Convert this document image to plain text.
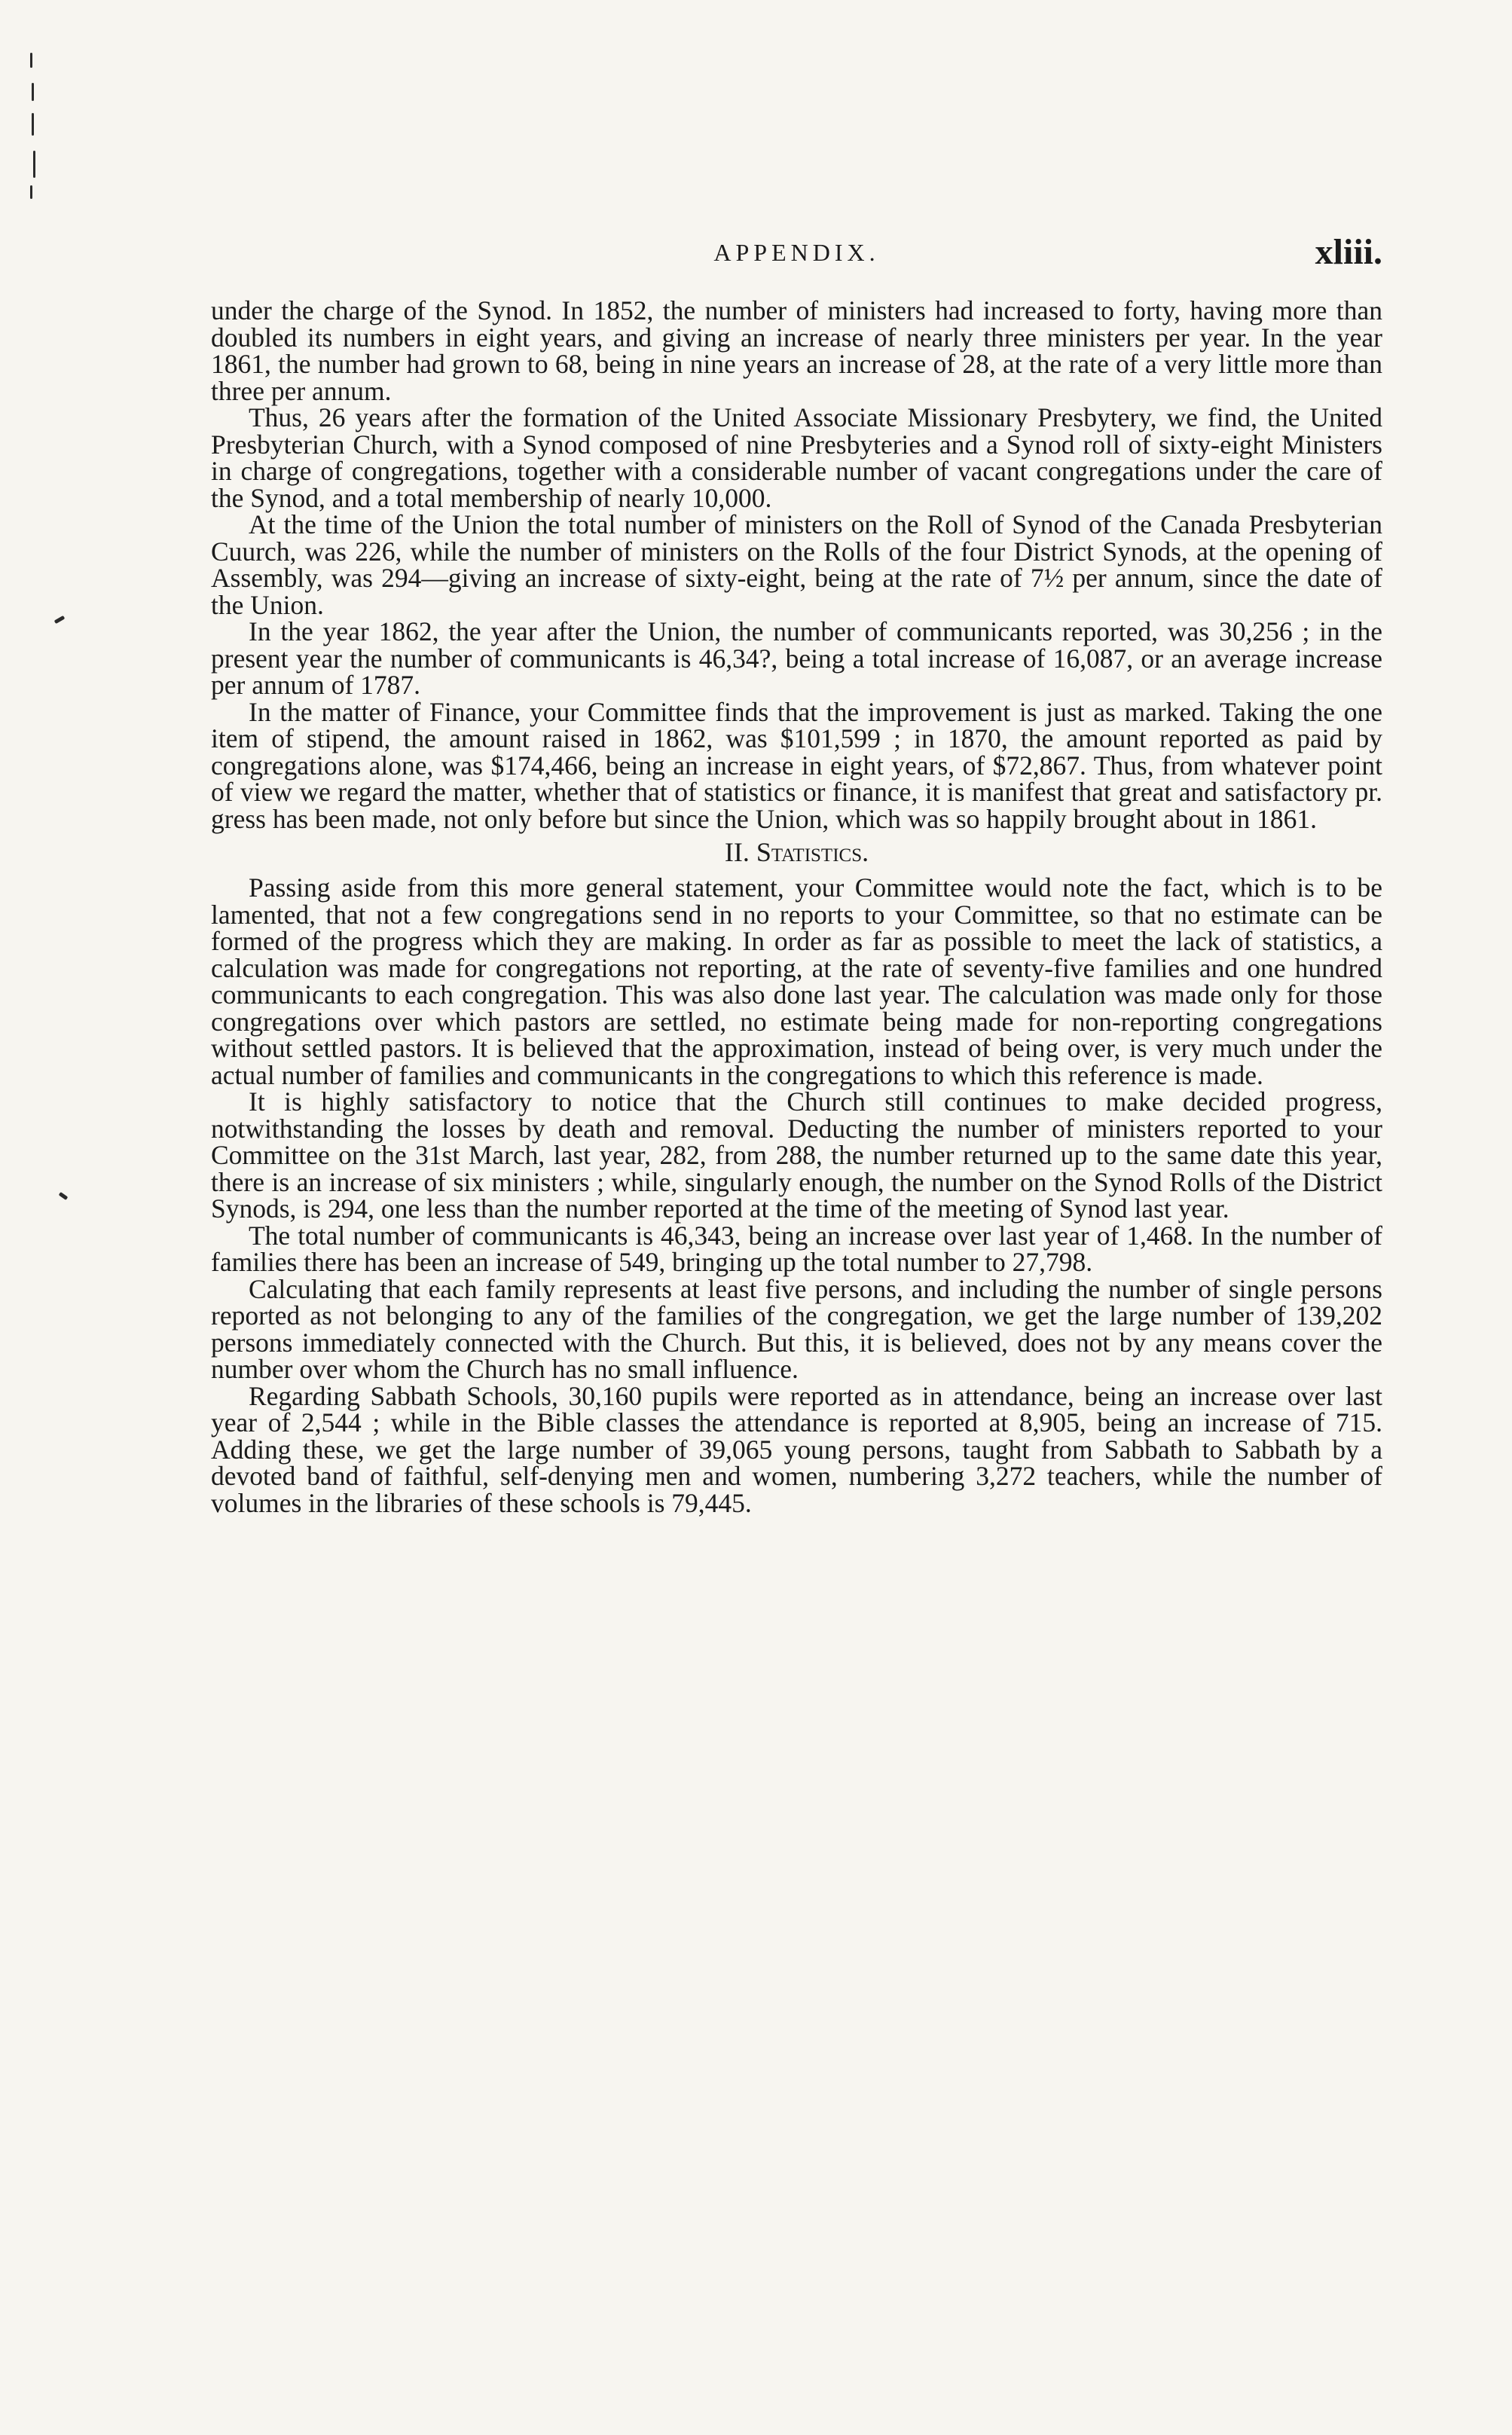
APPENDIX.	xliii.

under the charge of the Synod. In 1852, the number of ministers had increased to forty, having more than doubled its numbers in eight years, and giving an increase of nearly three ministers per year. In the year 1861, the number had grown to 68, being in nine years an increase of 28, at the rate of a very little more than three per annum.

Thus, 26 years after the formation of the United Associate Missionary Presbytery, we find, the United Presbyterian Church, with a Synod composed of nine Presbyteries and a Synod roll of sixty-eight Ministers in charge of congregations, together with a considerable number of vacant congregations under the care of the Synod, and a total membership of nearly 10,000.

At the time of the Union the total number of ministers on the Roll of Synod of the Canada Presbyterian Cuurch, was 226, while the number of ministers on the Rolls of the four District Synods, at the opening of Assembly, was 294—giving an increase of sixty-eight, being at the rate of 7½ per annum, since the date of the Union.

In the year 1862, the year after the Union, the number of communicants reported, was 30,256 ; in the present year the number of communicants is 46,34?, being a total increase of 16,087, or an average increase per annum of 1787.

In the matter of Finance, your Committee finds that the improvement is just as marked. Taking the one item of stipend, the amount raised in 1862, was $101,599 ; in 1870, the amount reported as paid by congregations alone, was $174,466, being an increase in eight years, of $72,867. Thus, from whatever point of view we regard the matter, whether that of statistics or finance, it is manifest that great and satisfactory pr. gress has been made, not only before but since the Union, which was so happily brought about in 1861.

II. Statistics.

Passing aside from this more general statement, your Committee would note the fact, which is to be lamented, that not a few congregations send in no reports to your Committee, so that no estimate can be formed of the progress which they are making. In order as far as possible to meet the lack of statistics, a calculation was made for congregations not reporting, at the rate of seventy-five families and one hundred communicants to each congregation. This was also done last year. The calculation was made only for those congregations over which pastors are settled, no estimate being made for non-reporting congregations without settled pastors. It is believed that the approximation, instead of being over, is very much under the actual number of families and communicants in the congregations to which this reference is made.

It is highly satisfactory to notice that the Church still continues to make decided progress, notwithstanding the losses by death and removal. Deducting the number of ministers reported to your Committee on the 31st March, last year, 282, from 288, the number returned up to the same date this year, there is an increase of six ministers ; while, singularly enough, the number on the Synod Rolls of the District Synods, is 294, one less than the number reported at the time of the meeting of Synod last year.

The total number of communicants is 46,343, being an increase over last year of 1,468. In the number of families there has been an increase of 549, bringing up the total number to 27,798.

Calculating that each family represents at least five persons, and including the number of single persons reported as not belonging to any of the families of the congregation, we get the large number of 139,202 persons immediately connected with the Church. But this, it is believed, does not by any means cover the number over whom the Church has no small influence.

Regarding Sabbath Schools, 30,160 pupils were reported as in attendance, being an increase over last year of 2,544 ; while in the Bible classes the attendance is reported at 8,905, being an increase of 715. Adding these, we get the large number of 39,065 young persons, taught from Sabbath to Sabbath by a devoted band of faithful, self-denying men and women, numbering 3,272 teachers, while the number of volumes in the libraries of these schools is 79,445.
